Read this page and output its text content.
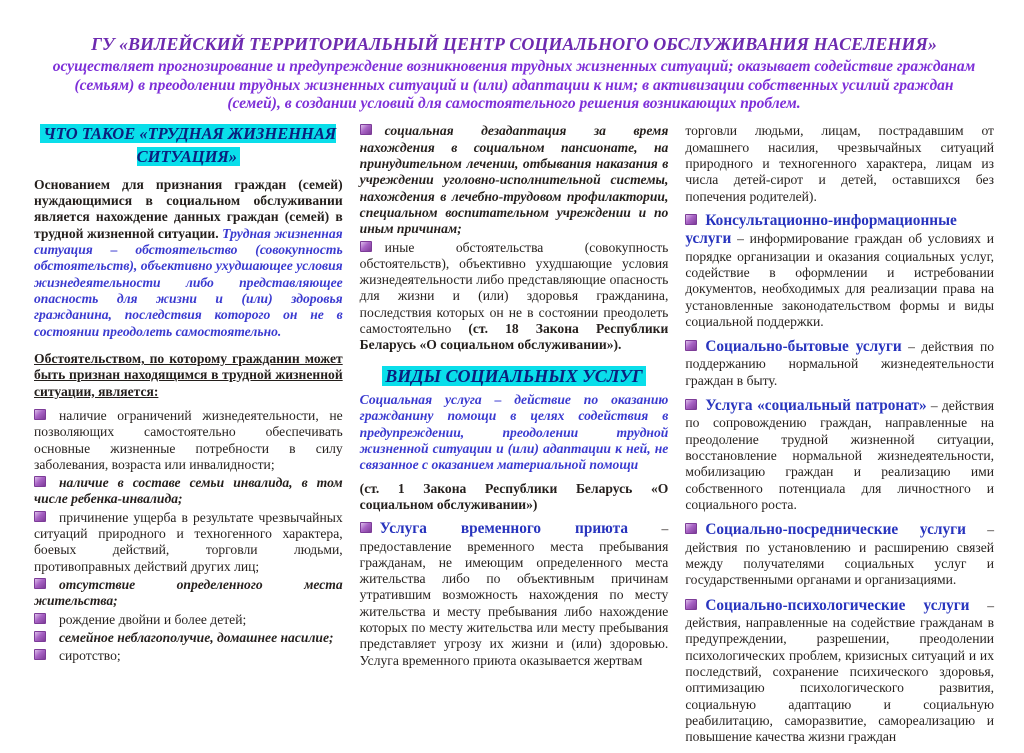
ГУ «ВИЛЕЙСКИЙ ТЕРРИТОРИАЛЬНЫЙ ЦЕНТР СОЦИАЛЬНОГО ОБСЛУЖИВАНИЯ НАСЕЛЕНИЯ»
осуществляет прогнозирование и предупреждение возникновения трудных жизненных ситуаций; оказывает содействие гражданам (семьям) в преодолении трудных жизненных ситуаций и (или) адаптации к ним; в активизации собственных усилий граждан (семей), в создании условий для самостоятельного решения возникающих проблем.
ЧТО ТАКОЕ «ТРУДНАЯ ЖИЗНЕННАЯ СИТУАЦИЯ»

Основанием для признания граждан (семей) нуждающимися в социальном обслуживании является нахождение данных граждан (семей) в трудной жизненной ситуации. Трудная жизненная ситуация – обстоятельство (совокупность обстоятельств), объективно ухудшающее условия жизнедеятельности либо представляющее опасность для жизни и (или) здоровья гражданина, последствия которого он не в состоянии преодолеть самостоятельно.

Обстоятельством, по которому гражданин может быть признан находящимся в трудной жизненной ситуации, является:

наличие ограничений жизнедеятельности, не позволяющих самостоятельно обеспечивать основные жизненные потребности в силу заболевания, возраста или инвалидности;

наличие в составе семьи инвалида, в том числе ребенка-инвалида;

причинение ущерба в результате чрезвычайных ситуаций природного и техногенного характера, боевых действий, торговли людьми, противоправных действий других лиц;

отсутствие определенного места жительства;

рождение двойни и более детей;

семейное неблагополучие, домашнее насилие;

сиротство;

социальная дезадаптация за время нахождения в социальном пансионате, на принудительном лечении, отбывания наказания в учреждении уголовно-исполнительной системы, нахождения в лечебно-трудовом профилактории, специальном воспитательном учреждении и по иным причинам;

иные обстоятельства (совокупность обстоятельств), объективно ухудшающие условия жизнедеятельности либо представляющие опасность для жизни и (или) здоровья гражданина, последствия которых он не в состоянии преодолеть самостоятельно (ст. 18 Закона Республики Беларусь «О социальном обслуживании»).

ВИДЫ СОЦИАЛЬНЫХ УСЛУГ

Социальная услуга – действие по оказанию гражданину помощи в целях содействия в предупреждении, преодолении трудной жизненной ситуации и (или) адаптации к ней, не связанное с оказанием материальной помощи

(ст. 1 Закона Республики Беларусь «О социальном обслуживании»)

Услуга временного приюта – предоставление временного места пребывания гражданам, не имеющим определенного места жительства либо по объективным причинам утратившим возможность нахождения по месту жительства и месту пребывания либо нахождение которых по месту жительства или месту пребывания представляет угрозу их жизни и (или) здоровью. Услуга временного приюта оказывается жертвам

торговли людьми, лицам, пострадавшим от домашнего насилия, чрезвычайных ситуаций природного и техногенного характера, лицам из числа детей-сирот и детей, оставшихся без попечения родителей).

Консультационно-информационные услуги – информирование граждан об условиях и порядке организации и оказания социальных услуг, содействие в оформлении и истребовании документов, необходимых для реализации права на установленные законодательством формы и виды социальной поддержки.

Социально-бытовые услуги – действия по поддержанию нормальной жизнедеятельности граждан в быту.

Услуга «социальный патронат» – действия по сопровождению граждан, направленные на преодоление трудной жизненной ситуации, восстановление нормальной жизнедеятельности, мобилизацию граждан и реализацию ими собственного потенциала для личностного и социального роста.

Социально-посреднические услуги – действия по установлению и расширению связей между получателями социальных услуг и государственными органами и организациями.

Социально-психологические услуги – действия, направленные на содействие гражданам в предупреждении, разрешении, преодолении психологических проблем, кризисных ситуаций и их последствий, сохранение психического здоровья, оптимизацию психологического развития, социальную адаптацию и социальную реабилитацию, саморазвитие, самореализацию и повышение качества жизни граждан
